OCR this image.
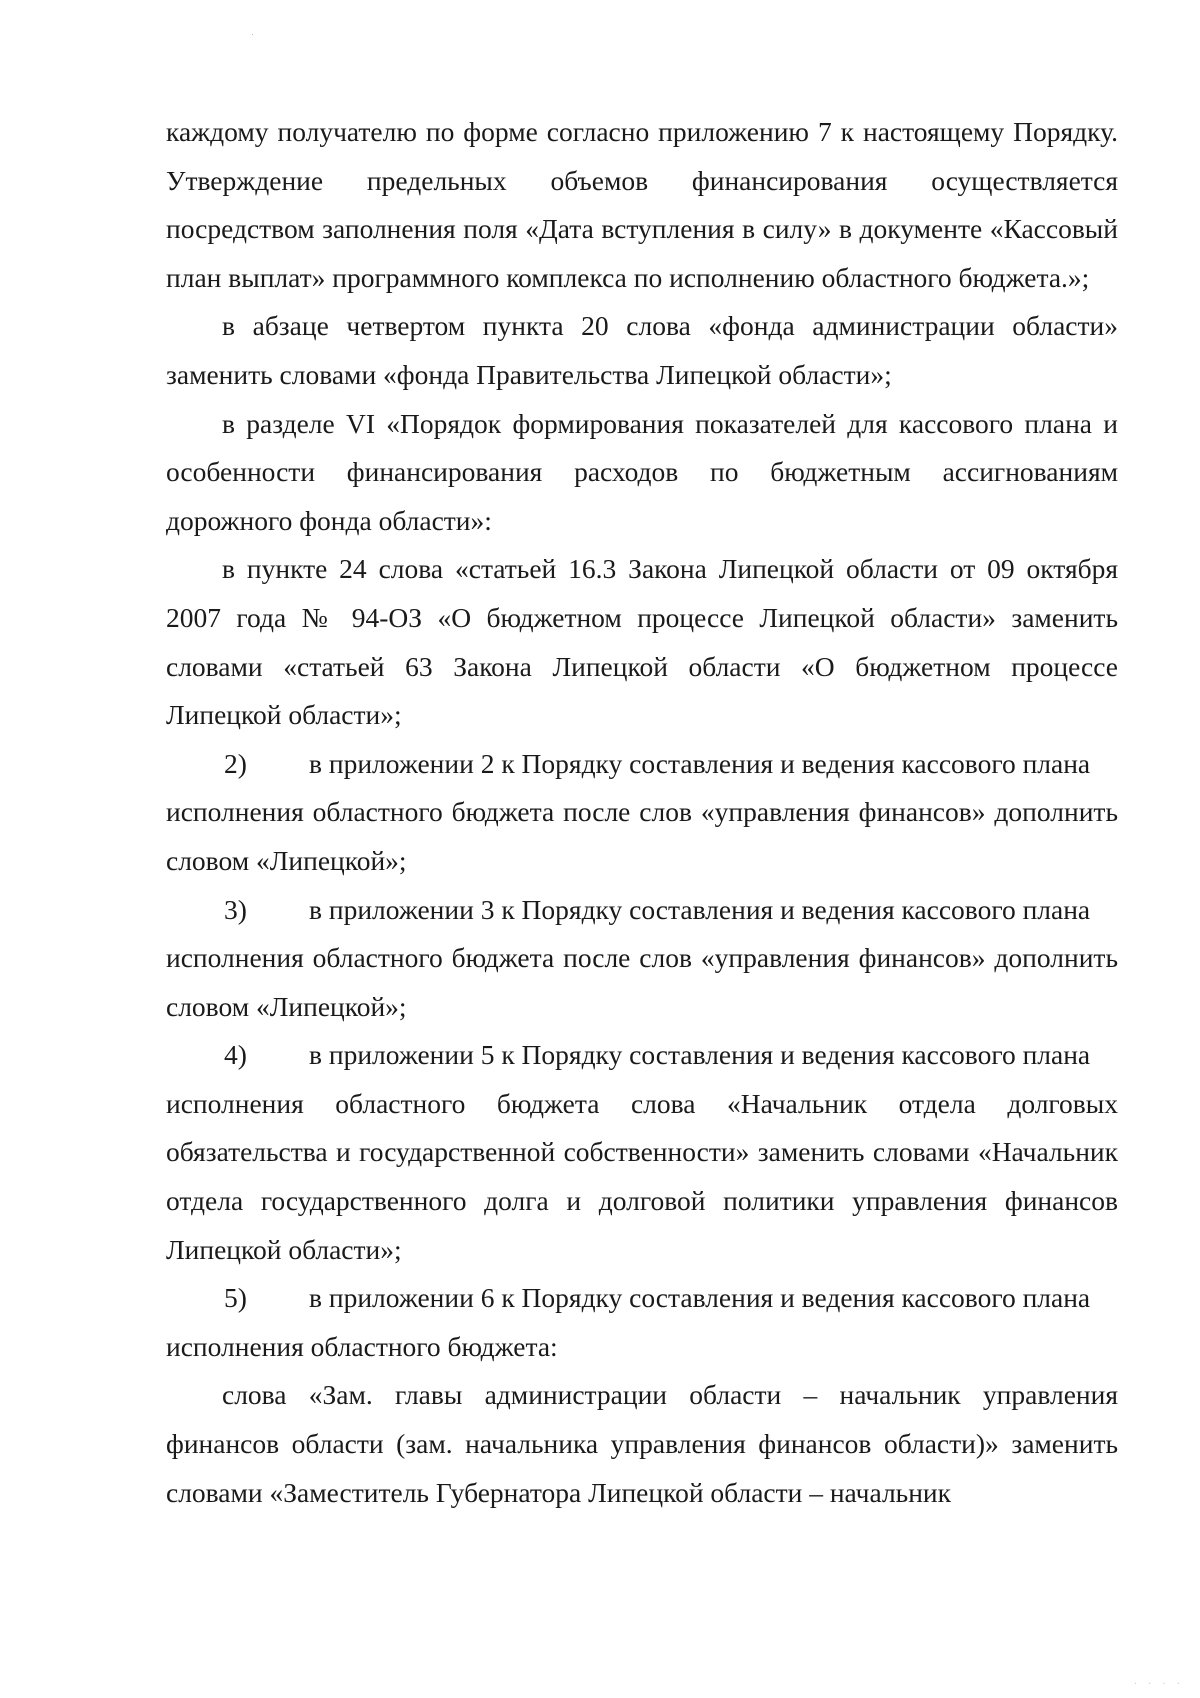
каждому получателю по форме согласно приложению 7 к настоящему Порядку. Утверждение предельных объемов финансирования осуществляется посредством заполнения поля «Дата вступления в силу» в документе «Кассовый план выплат» программного комплекса по исполнению областного бюджета.»;

в абзаце четвертом пункта 20 слова «фонда администрации области» заменить словами «фонда Правительства Липецкой области»;

в разделе VI «Порядок формирования показателей для кассового плана и особенности финансирования расходов по бюджетным ассигнованиям дорожного фонда области»:

в пункте 24 слова «статьей 16.3 Закона Липецкой области от 09 октября 2007 года № 94-ОЗ «О бюджетном процессе Липецкой области» заменить словами «статьей 63 Закона Липецкой области «О бюджетном процессе Липецкой области»;

2)	в приложении 2 к Порядку составления и ведения кассового плана

исполнения областного бюджета после слов «управления финансов» дополнить словом «Липецкой»;

3)	в приложении 3 к Порядку составления и ведения кассового плана

исполнения областного бюджета после слов «управления финансов» дополнить словом «Липецкой»;

4)	в приложении 5 к Порядку составления и ведения кассового плана

исполнения областного бюджета слова «Начальник отдела долговых обязательства и государственной собственности» заменить словами «Начальник отдела государственного долга и долговой политики управления финансов Липецкой области»;

5)	в приложении 6 к Порядку составления и ведения кассового плана

исполнения областного бюджета:

слова «Зам. главы администрации области – начальник управления финансов области (зам. начальника управления финансов области)» заменить словами «Заместитель Губернатора Липецкой области – начальник

· · · ·
